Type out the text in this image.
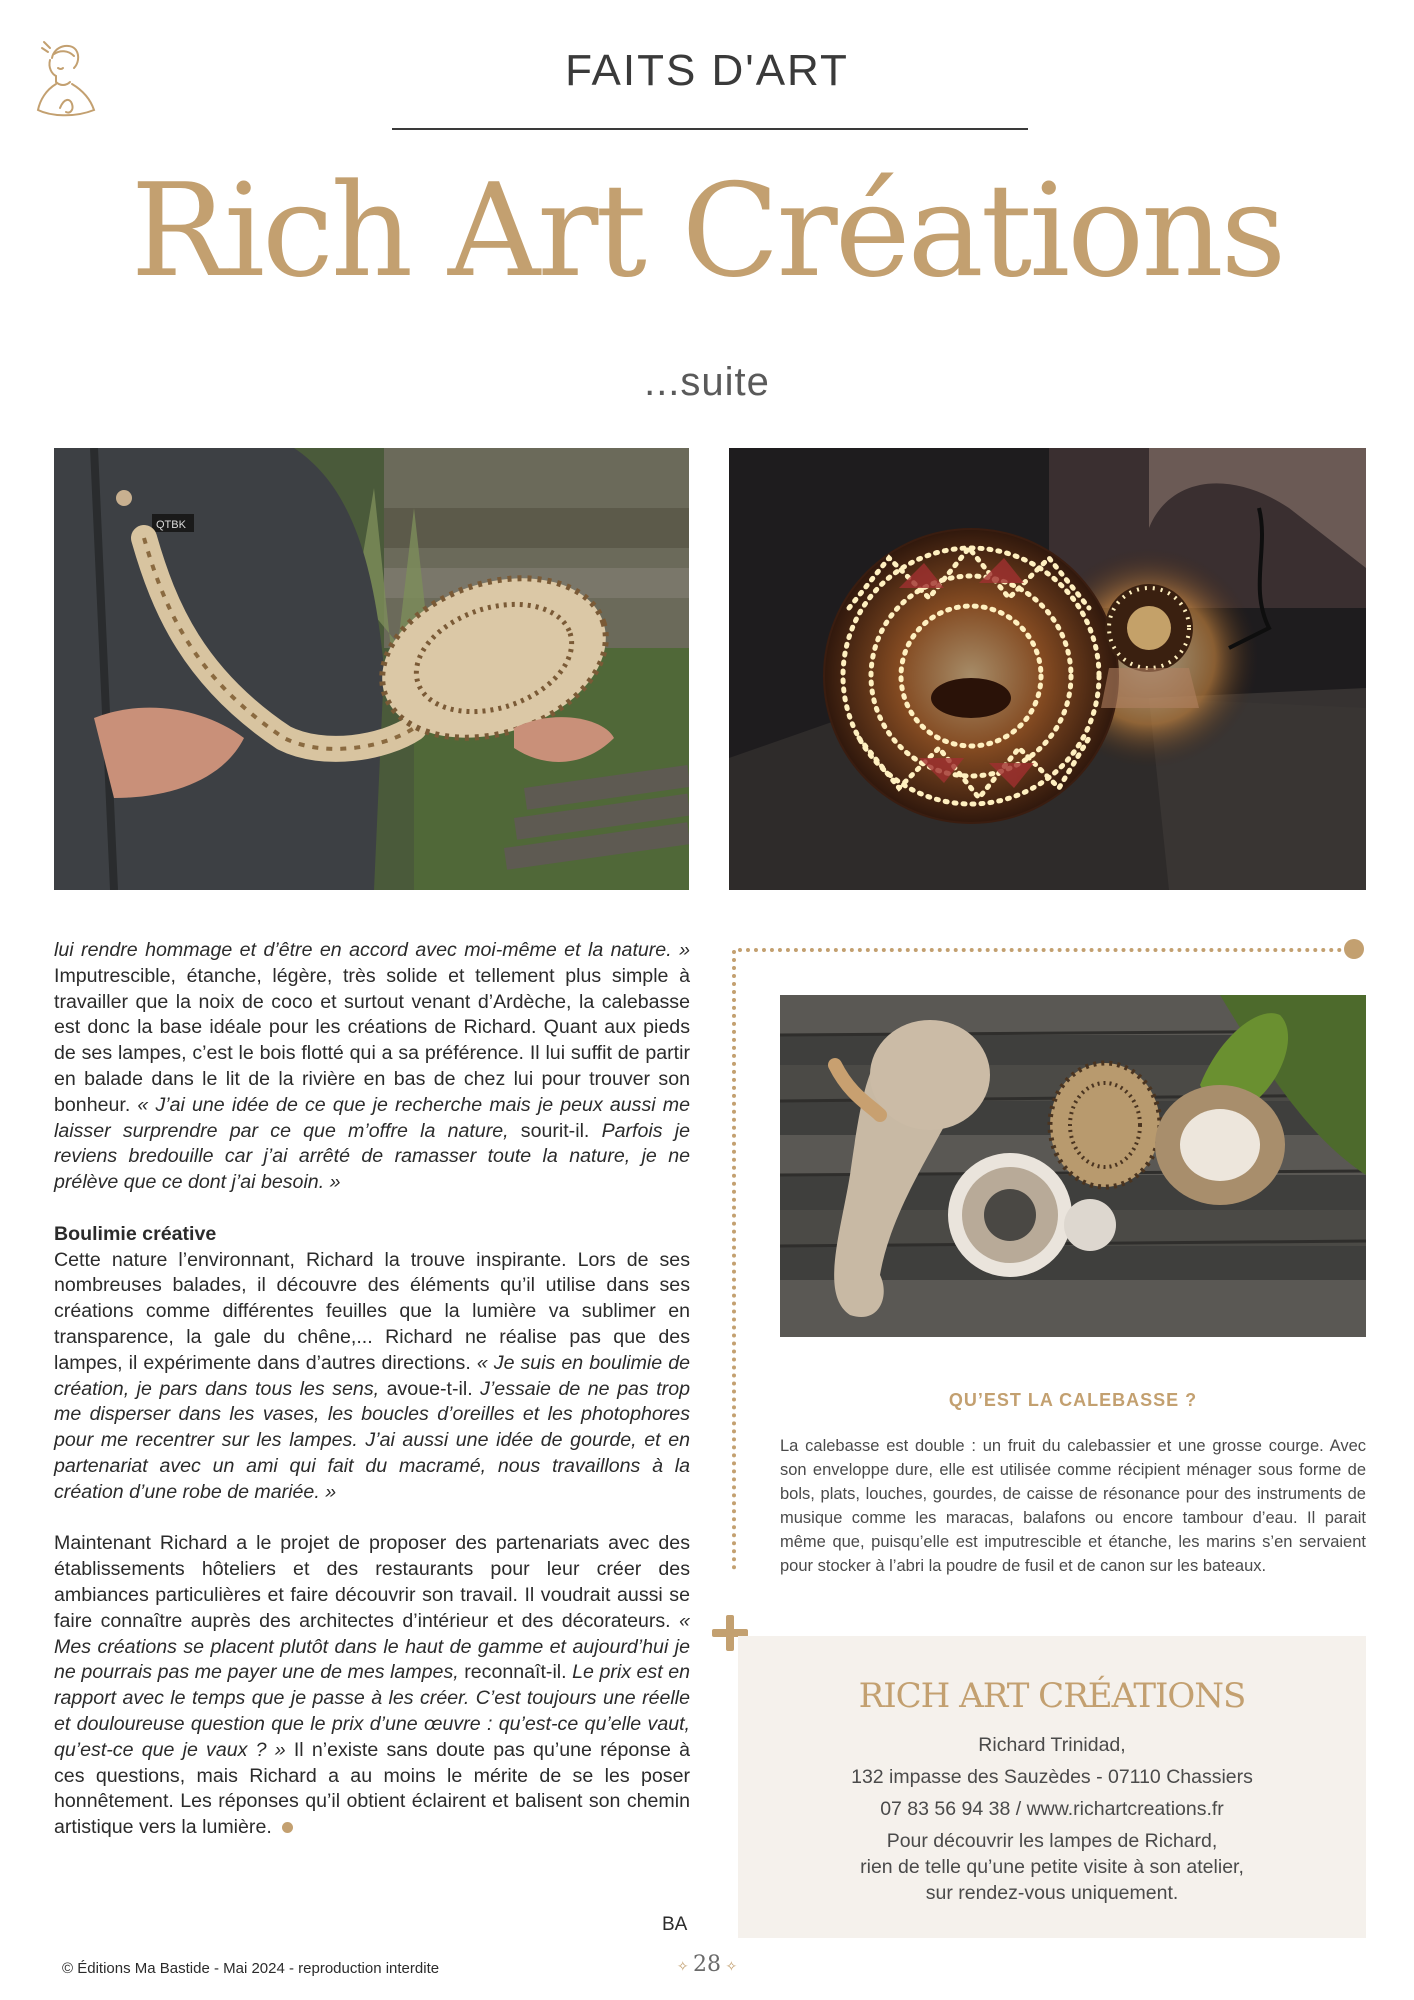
FAITS D'ART
Rich Art Créations
...suite
QTBK

lui rendre hommage et d’être en accord avec moi-même et la nature. » Imputrescible, étanche, légère, très solide et tellement plus simple à travailler que la noix de coco et surtout venant d’Ardèche, la calebasse est donc la base idéale pour les créations de Richard. Quant aux pieds de ses lampes, c’est le bois flotté qui a sa préférence. Il lui suffit de partir en balade dans le lit de la rivière en bas de chez lui pour trouver son bonheur. « J’ai une idée de ce que je recherche mais je peux aussi me laisser surprendre par ce que m’offre la nature, sourit-il. Parfois je reviens bredouille car j’ai arrêté de ramasser toute la nature, je ne prélève que ce dont j’ai besoin. »

Boulimie créative

Cette nature l’environnant, Richard la trouve inspirante. Lors de ses nombreuses balades, il découvre des éléments qu’il utilise dans ses créations comme différentes feuilles que la lumière va sublimer en transparence, la gale du chêne,... Richard ne réalise pas que des lampes, il expérimente dans d’autres directions. « Je suis en boulimie de création, je pars dans tous les sens, avoue-t-il. J’essaie de ne pas trop me disperser dans les vases, les boucles d’oreilles et les photophores pour me recentrer sur les lampes. J’ai aussi une idée de gourde, et en partenariat avec un ami qui fait du macramé, nous travaillons à la création d’une robe de mariée. »

Maintenant Richard a le projet de proposer des partenariats avec des établissements hôteliers et des restaurants pour leur créer des ambiances particulières et faire découvrir son travail. Il voudrait aussi se faire connaître auprès des architectes d’intérieur et des décorateurs. « Mes créations se placent plutôt dans le haut de gamme et aujourd’hui je ne pourrais pas me payer une de mes lampes, reconnaît-il. Le prix est en rapport avec le temps que je passe à les créer. C’est toujours une réelle et douloureuse question que le prix d’une œuvre : qu’est-ce qu’elle vaut, qu’est-ce que je vaux ? » Il n’existe sans doute pas qu’une réponse à ces questions, mais Richard a au moins le mérite de se les poser honnêtement. Les réponses qu’il obtient éclairent et balisent son chemin artistique vers la lumière.

BA
QU’EST LA CALEBASSE ?
La calebasse est double : un fruit du calebassier et une grosse courge. Avec son enveloppe dure, elle est utilisée comme récipient ménager sous forme de bols, plats, louches, gourdes, de caisse de résonance pour des instruments de musique comme les maracas, balafons ou encore tambour d’eau. Il parait même que, puisqu’elle est imputrescible et étanche, les marins s’en servaient pour stocker à l’abri la poudre de fusil et de canon sur les bateaux.
RICH ART CRÉATIONS
Richard Trinidad,
132 impasse des Sauzèdes - 07110 Chassiers
07 83 56 94 38 / www.richartcreations.fr
Pour découvrir les lampes de Richard,
rien de telle qu’une petite visite à son atelier,
sur rendez-vous uniquement.
© Éditions Ma Bastide - Mai 2024 - reproduction interdite	✧ 28 ✧
